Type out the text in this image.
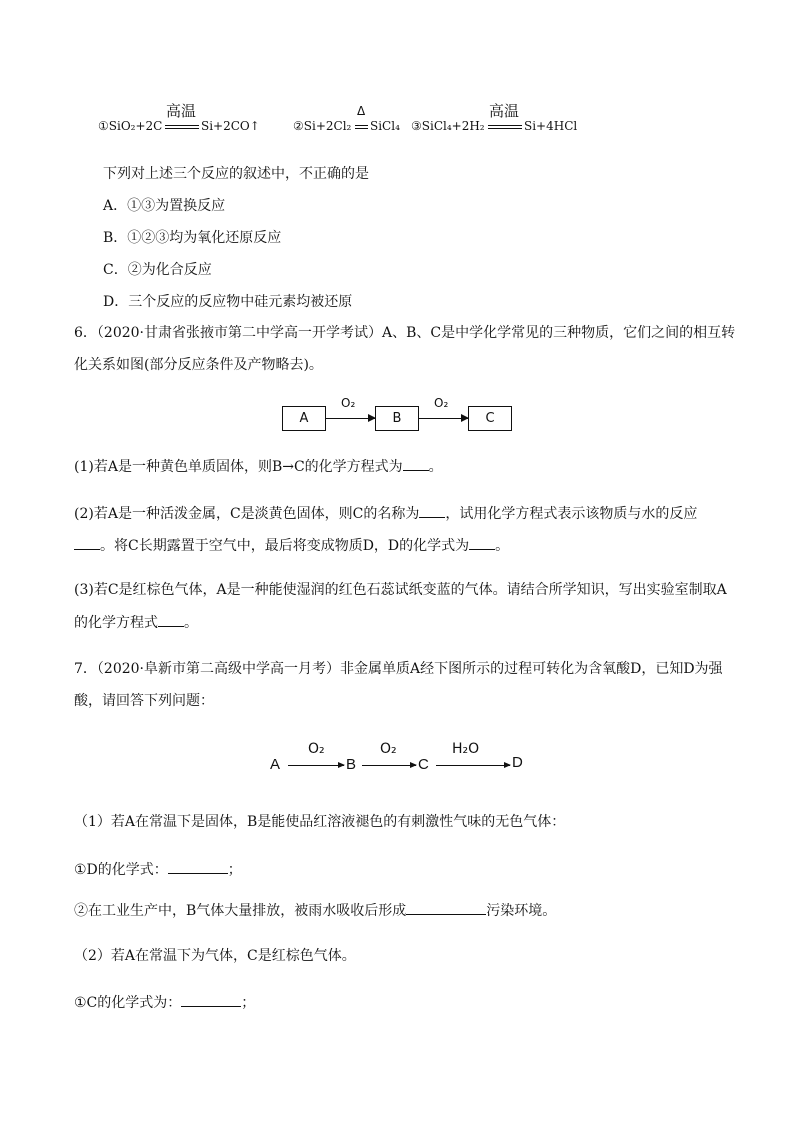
①SiO₂+2C
高温
Si+2CO↑	②Si+2Cl₂
Δ
SiCl₄ ③SiCl₄+2H₂
高温
Si+4HCl
下列对上述三个反应的叙述中，不正确的是
A．①③为置换反应
B．①②③均为氧化还原反应
C．②为化合反应
D．三个反应的反应物中硅元素均被还原
6．（2020·甘肃省张掖市第二中学高一开学考试）A、B、C是中学化学常见的三种物质，它们之间的相互转
化关系如图(部分反应条件及产物略去)。
A
O₂
B
O₂
C
(1)若A是一种黄色单质固体，则B→C的化学方程式为 。
(2)若A是一种活泼金属，C是淡黄色固体，则C的名称为 ，试用化学方程式表示该物质与水的反应
。将C长期露置于空气中，最后将变成物质D，D的化学式为 。
(3)若C是红棕色气体，A是一种能使湿润的红色石蕊试纸变蓝的气体。请结合所学知识，写出实验室制取A
的化学方程式 。
7．（2020·阜新市第二高级中学高一月考）非金属单质A经下图所示的过程可转化为含氧酸D，已知D为强
酸，请回答下列问题：
A
O₂
B
O₂
C
H₂O
D
（1）若A在常温下是固体，B是能使品红溶液褪色的有刺激性气味的无色气体：
①D的化学式：	；
②在工业生产中，B气体大量排放，被雨水吸收后形成	污染环境。
（2）若A在常温下为气体，C是红棕色气体。
①C的化学式为：	；
